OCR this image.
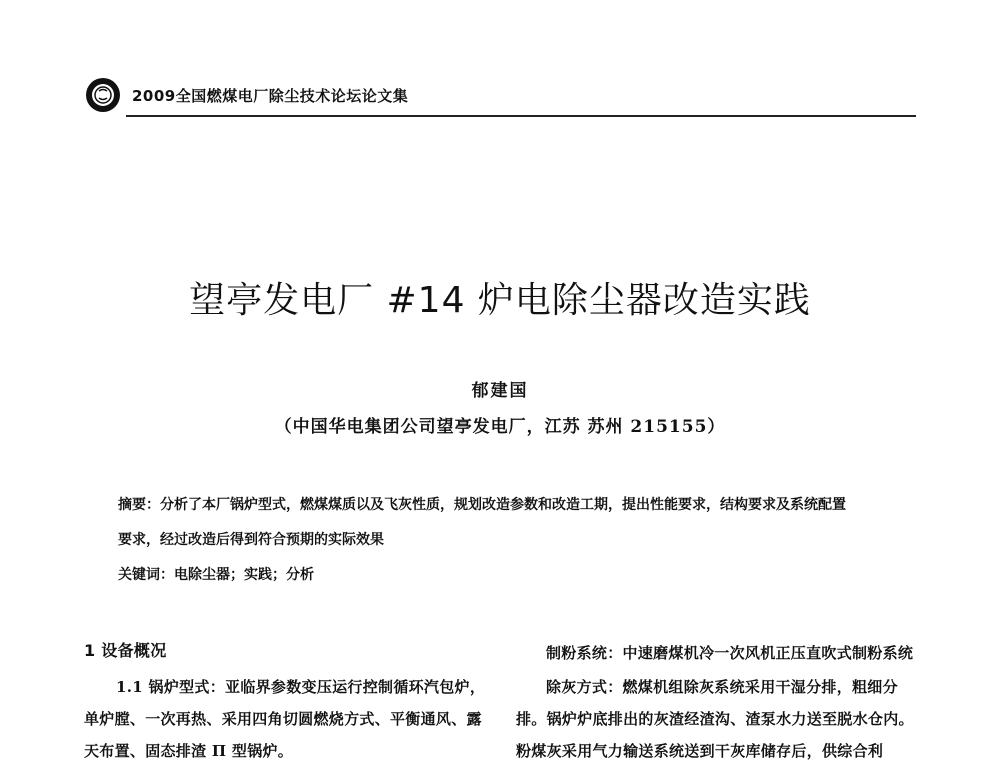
2009全国燃煤电厂除尘技术论坛论文集
望亭发电厂 #14 炉电除尘器改造实践
郁建国
（中国华电集团公司望亭发电厂，江苏 苏州 215155）
摘要：分析了本厂锅炉型式，燃煤煤质以及飞灰性质，规划改造参数和改造工期，提出性能要求，结构要求及系统配置
要求，经过改造后得到符合预期的实际效果
关键词：电除尘器；实践；分析
1 设备概况
1.1 锅炉型式：亚临界参数变压运行控制循环汽包炉，
单炉膛、一次再热、采用四角切圆燃烧方式、平衡通风、露
天布置、固态排渣 Π 型锅炉。
制粉系统：中速磨煤机冷一次风机正压直吹式制粉系统
除灰方式：燃煤机组除灰系统采用干湿分排，粗细分
排。锅炉炉底排出的灰渣经渣沟、渣泵水力送至脱水仓内。
粉煤灰采用气力输送系统送到干灰库储存后，供综合利
